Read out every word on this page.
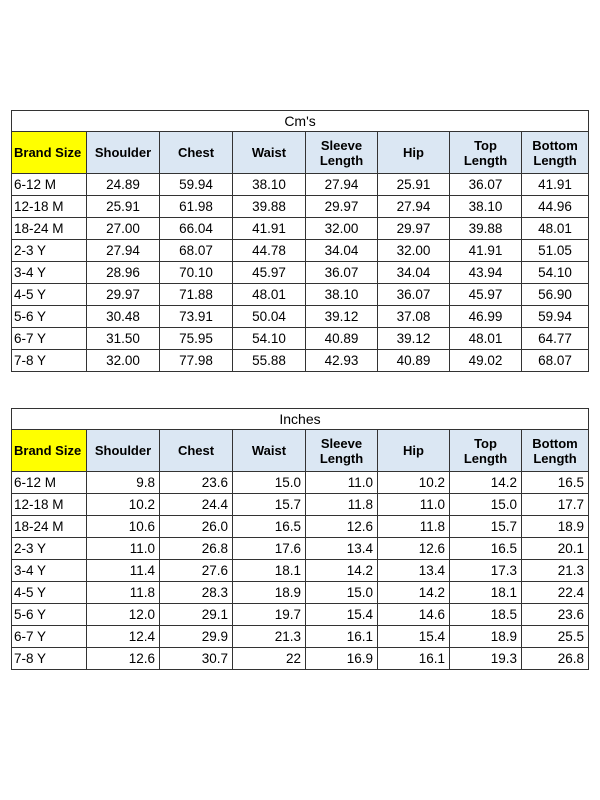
Cm's							
Brand Size	Shoulder	Chest	Waist	Sleeve Length	Hip	Top Length	Bottom Length
6-12 M	24.89	59.94	38.10	27.94	25.91	36.07	41.91
12-18 M	25.91	61.98	39.88	29.97	27.94	38.10	44.96
18-24 M	27.00	66.04	41.91	32.00	29.97	39.88	48.01
2-3 Y	27.94	68.07	44.78	34.04	32.00	41.91	51.05
3-4 Y	28.96	70.10	45.97	36.07	34.04	43.94	54.10
4-5 Y	29.97	71.88	48.01	38.10	36.07	45.97	56.90
5-6 Y	30.48	73.91	50.04	39.12	37.08	46.99	59.94
6-7 Y	31.50	75.95	54.10	40.89	39.12	48.01	64.77
7-8 Y	32.00	77.98	55.88	42.93	40.89	49.02	68.07
Inches							
Brand Size	Shoulder	Chest	Waist	Sleeve Length	Hip	Top Length	Bottom Length
6-12 M	9.8	23.6	15.0	11.0	10.2	14.2	16.5
12-18 M	10.2	24.4	15.7	11.8	11.0	15.0	17.7
18-24 M	10.6	26.0	16.5	12.6	11.8	15.7	18.9
2-3 Y	11.0	26.8	17.6	13.4	12.6	16.5	20.1
3-4 Y	11.4	27.6	18.1	14.2	13.4	17.3	21.3
4-5 Y	11.8	28.3	18.9	15.0	14.2	18.1	22.4
5-6 Y	12.0	29.1	19.7	15.4	14.6	18.5	23.6
6-7 Y	12.4	29.9	21.3	16.1	15.4	18.9	25.5
7-8 Y	12.6	30.7	22	16.9	16.1	19.3	26.8
